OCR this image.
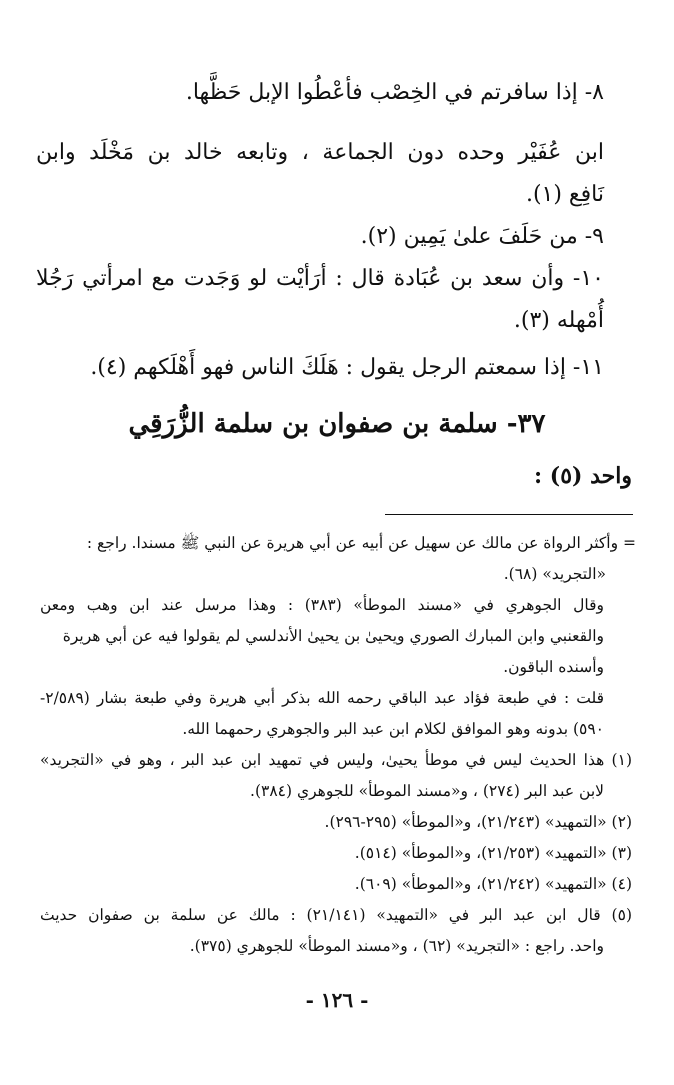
٨- إذا سافرتم في الخِصْب فأعْطُوا الإبل حَظَّها.
ابن عُفَيْر وحده دون الجماعة ، وتابعه خالد بن مَخْلَد وابن
نَافِع (١).
٩- من حَلَفَ علىٰ يَمِين (٢).
١٠- وأن سعد بن عُبَادة قال : أرَأيْت لو وَجَدت مع امرأتي رَجُلا
أُمْهله (٣).
١١- إذا سمعتم الرجل يقول : هَلَكَ الناس فهو أَهْلَكهم (٤).
٣٧- سلمة بن صفوان بن سلمة الزُّرَقِي
واحد (٥) :
= وأكثر الرواة عن مالك عن سهيل عن أبيه عن أبي هريرة عن النبي ﷺ مسندا. راجع :
«التجريد» (٦٨).
وقال الجوهري في «مسند الموطأ» (٣٨٣) : وهذا مرسل عند ابن وهب ومعن
والقعنبي وابن المبارك الصوري ويحيىٰ بن يحيىٰ الأندلسي لم يقولوا فيه عن أبي هريرة
وأسنده الباقون.
قلت : في طبعة فؤاد عبد الباقي رحمه الله بذكر أبي هريرة وفي طبعة بشار (٢/٥٨٩-
٥٩٠) بدونه وهو الموافق لكلام ابن عبد البر والجوهري رحمهما الله.
(١) هذا الحديث ليس في موطأ يحيىٰ، وليس في تمهيد ابن عبد البر ، وهو في «التجريد»
لابن عبد البر (٢٧٤) ، و«مسند الموطأ» للجوهري (٣٨٤).
(٢) «التمهيد» (٢١/٢٤٣)، و«الموطأ» (٢٩٥-٢٩٦).
(٣) «التمهيد» (٢١/٢٥٣)، و«الموطأ» (٥١٤).
(٤) «التمهيد» (٢١/٢٤٢)، و«الموطأ» (٦٠٩).
(٥) قال ابن عبد البر في «التمهيد» (٢١/١٤١) : مالك عن سلمة بن صفوان حديث
واحد. راجع : «التجريد» (٦٢) ، و«مسند الموطأ» للجوهري (٣٧٥).
- ١٢٦ -
